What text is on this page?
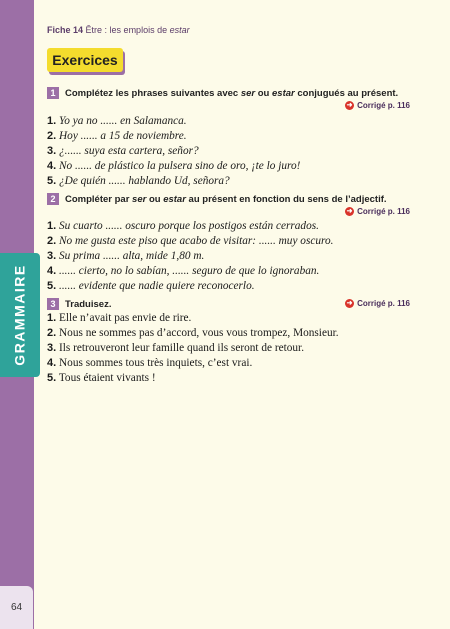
GRAMMAIRE
64
Fiche 14 Être : les emplois de estar
Exercices
1	Complétez les phrases suivantes avec ser ou estar conjugués au présent.
➜ Corrigé p. 116
1. Yo ya no ...... en Salamanca.
2. Hoy ...... a 15 de noviembre.
3. ¿...... suya esta cartera, señor?
4. No ...... de plástico la pulsera sino de oro, ¡te lo juro!
5. ¿De quién ...... hablando Ud, señora?
2	Compléter par ser ou estar au présent en fonction du sens de l’adjectif.
➜ Corrigé p. 116
1. Su cuarto ...... oscuro porque los postigos están cerrados.
2. No me gusta este piso que acabo de visitar: ...... muy oscuro.
3. Su prima ...... alta, mide 1,80 m.
4. ...... cierto, no lo sabían, ...... seguro de que lo ignoraban.
5. ...... evidente que nadie quiere reconocerlo.
3	Traduisez.	➜ Corrigé p. 116
1. Elle n’avait pas envie de rire.
2. Nous ne sommes pas d’accord, vous vous trompez, Monsieur.
3. Ils retrouveront leur famille quand ils seront de retour.
4. Nous sommes tous très inquiets, c’est vrai.
5. Tous étaient vivants !
